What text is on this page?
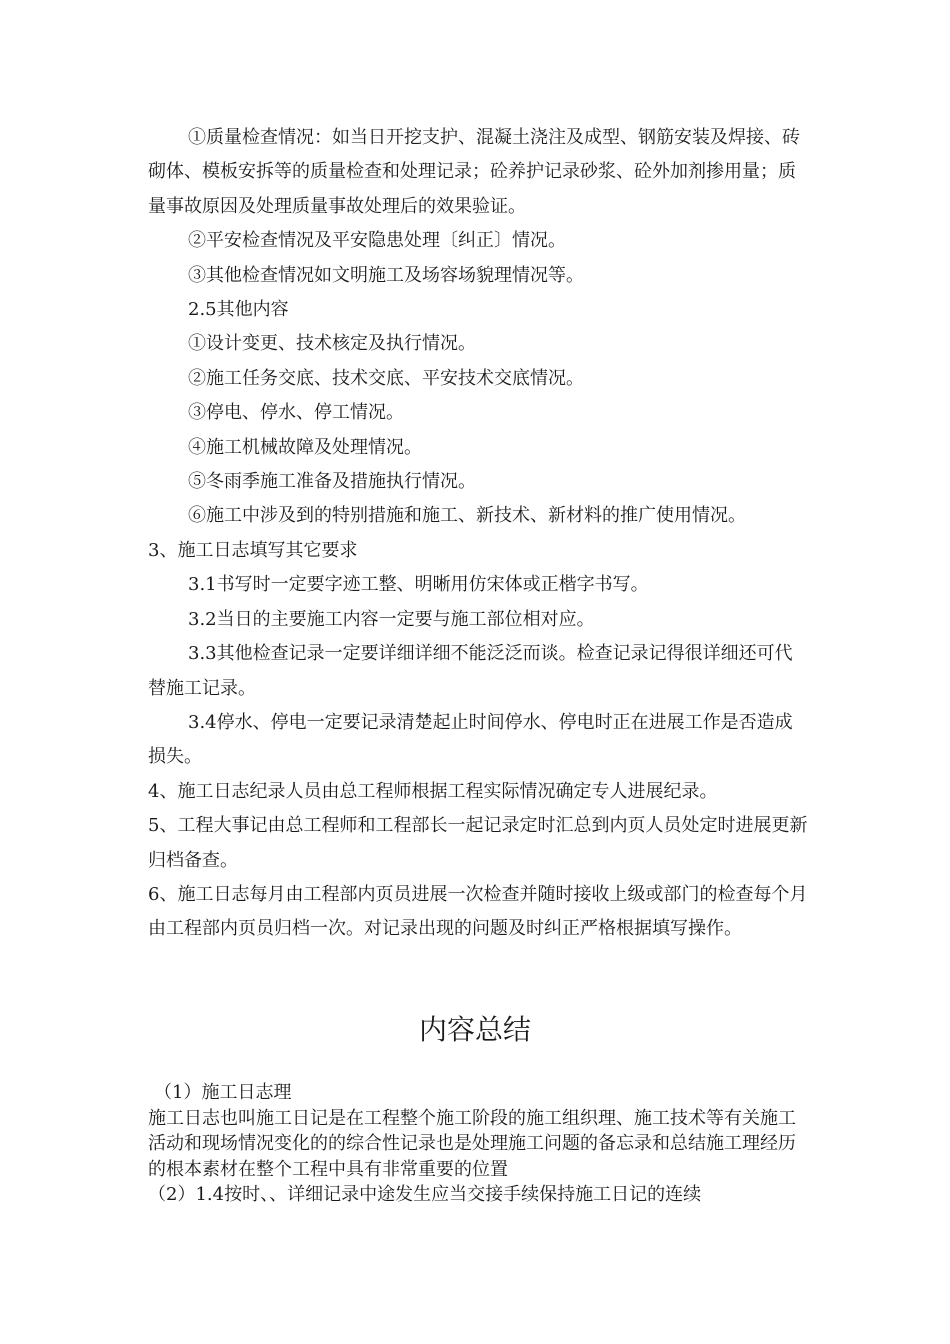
①质量检查情况：如当日开挖支护、混凝土浇注及成型、钢筋安装及焊接、砖砌体、模板安拆等的质量检查和处理记录；砼养护记录砂浆、砼外加剂掺用量；质量事故原因及处理质量事故处理后的效果验证。

②平安检查情况及平安隐患处理〔纠正〕情况。

③其他检查情况如文明施工及场容场貌理情况等。

2.5其他内容

①设计变更、技术核定及执行情况。

②施工任务交底、技术交底、平安技术交底情况。

③停电、停水、停工情况。

④施工机械故障及处理情况。

⑤冬雨季施工准备及措施执行情况。

⑥施工中涉及到的特别措施和施工、新技术、新材料的推广使用情况。

3、施工日志填写其它要求

3.1书写时一定要字迹工整、明晰用仿宋体或正楷字书写。

3.2当日的主要施工内容一定要与施工部位相对应。

3.3其他检查记录一定要详细详细不能泛泛而谈。检查记录记得很详细还可代替施工记录。

3.4停水、停电一定要记录清楚起止时间停水、停电时正在进展工作是否造成损失。

4、施工日志纪录人员由总工程师根据工程实际情况确定专人进展纪录。

5、工程大事记由总工程师和工程部长一起记录定时汇总到内页人员处定时进展更新归档备查。

6、施工日志每月由工程部内页员进展一次检查并随时接收上级或部门的检查每个月由工程部内页员归档一次。对记录出现的问题及时纠正严格根据填写操作。

内容总结

（1）施工日志理

施工日志也叫施工日记是在工程整个施工阶段的施工组织理、施工技术等有关施工活动和现场情况变化的的综合性记录也是处理施工问题的备忘录和总结施工理经历的根本素材在整个工程中具有非常重要的位置

（2）1.4按时、、详细记录中途发生应当交接手续保持施工日记的连续
